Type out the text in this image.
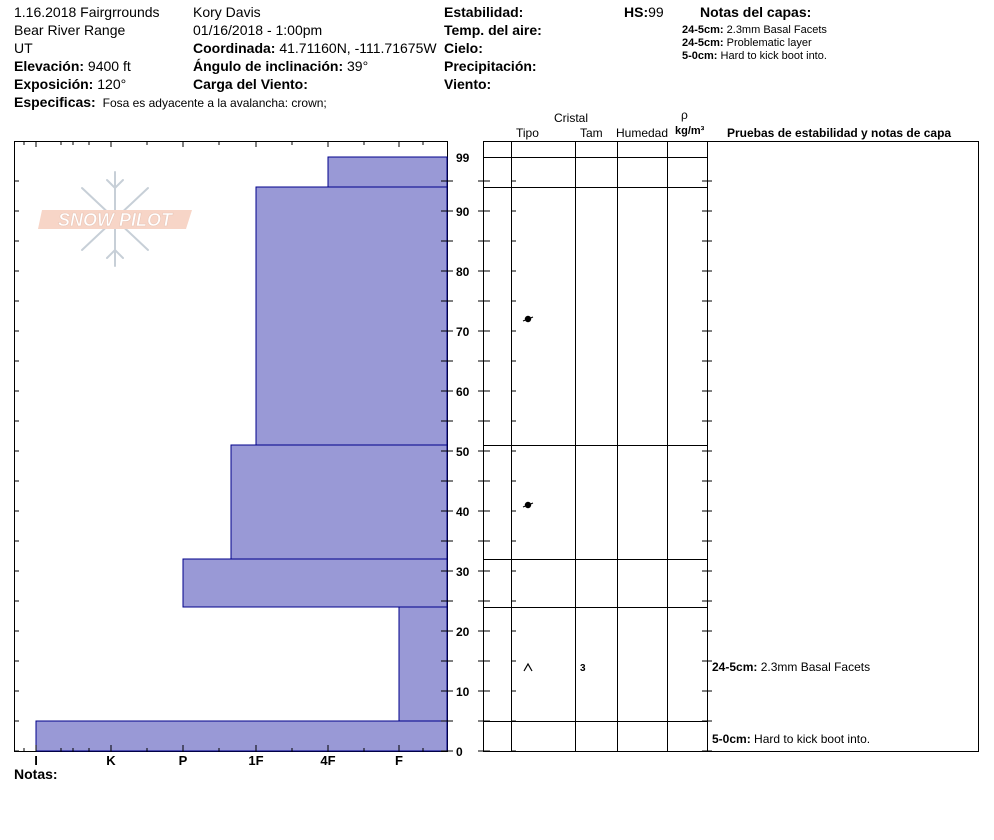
1.16.2018 Fairgrrounds
Bear River Range
UT
Elevación: 9400 ft
Exposición: 120°
Especificas: Fosa es adyacente a la avalancha: crown;
Kory Davis
01/16/2018 - 1:00pm
Coordinada: 41.71160N, -111.71675W
Ángulo de inclinación: 39°
Carga del Viento:
Estabilidad:
Temp. del aire:
Cielo:
Precipitación:
Viento:
HS:99	Notas del capas:
24-5cm: 2.3mm Basal Facets
24-5cm: Problematic layer
5-0cm: Hard to kick boot into.
Cristal
Tipo	Tam Humedad
ρ
kg/m³ Pruebas de estabilidad y notas de capa
Notas:
SNOW PILOT
I	K	P	1F	4F	F
0
10
20
30
40
50
60
70
80
90
99
3	24-5cm: 2.3mm Basal Facets
5-0cm: Hard to kick boot into.
